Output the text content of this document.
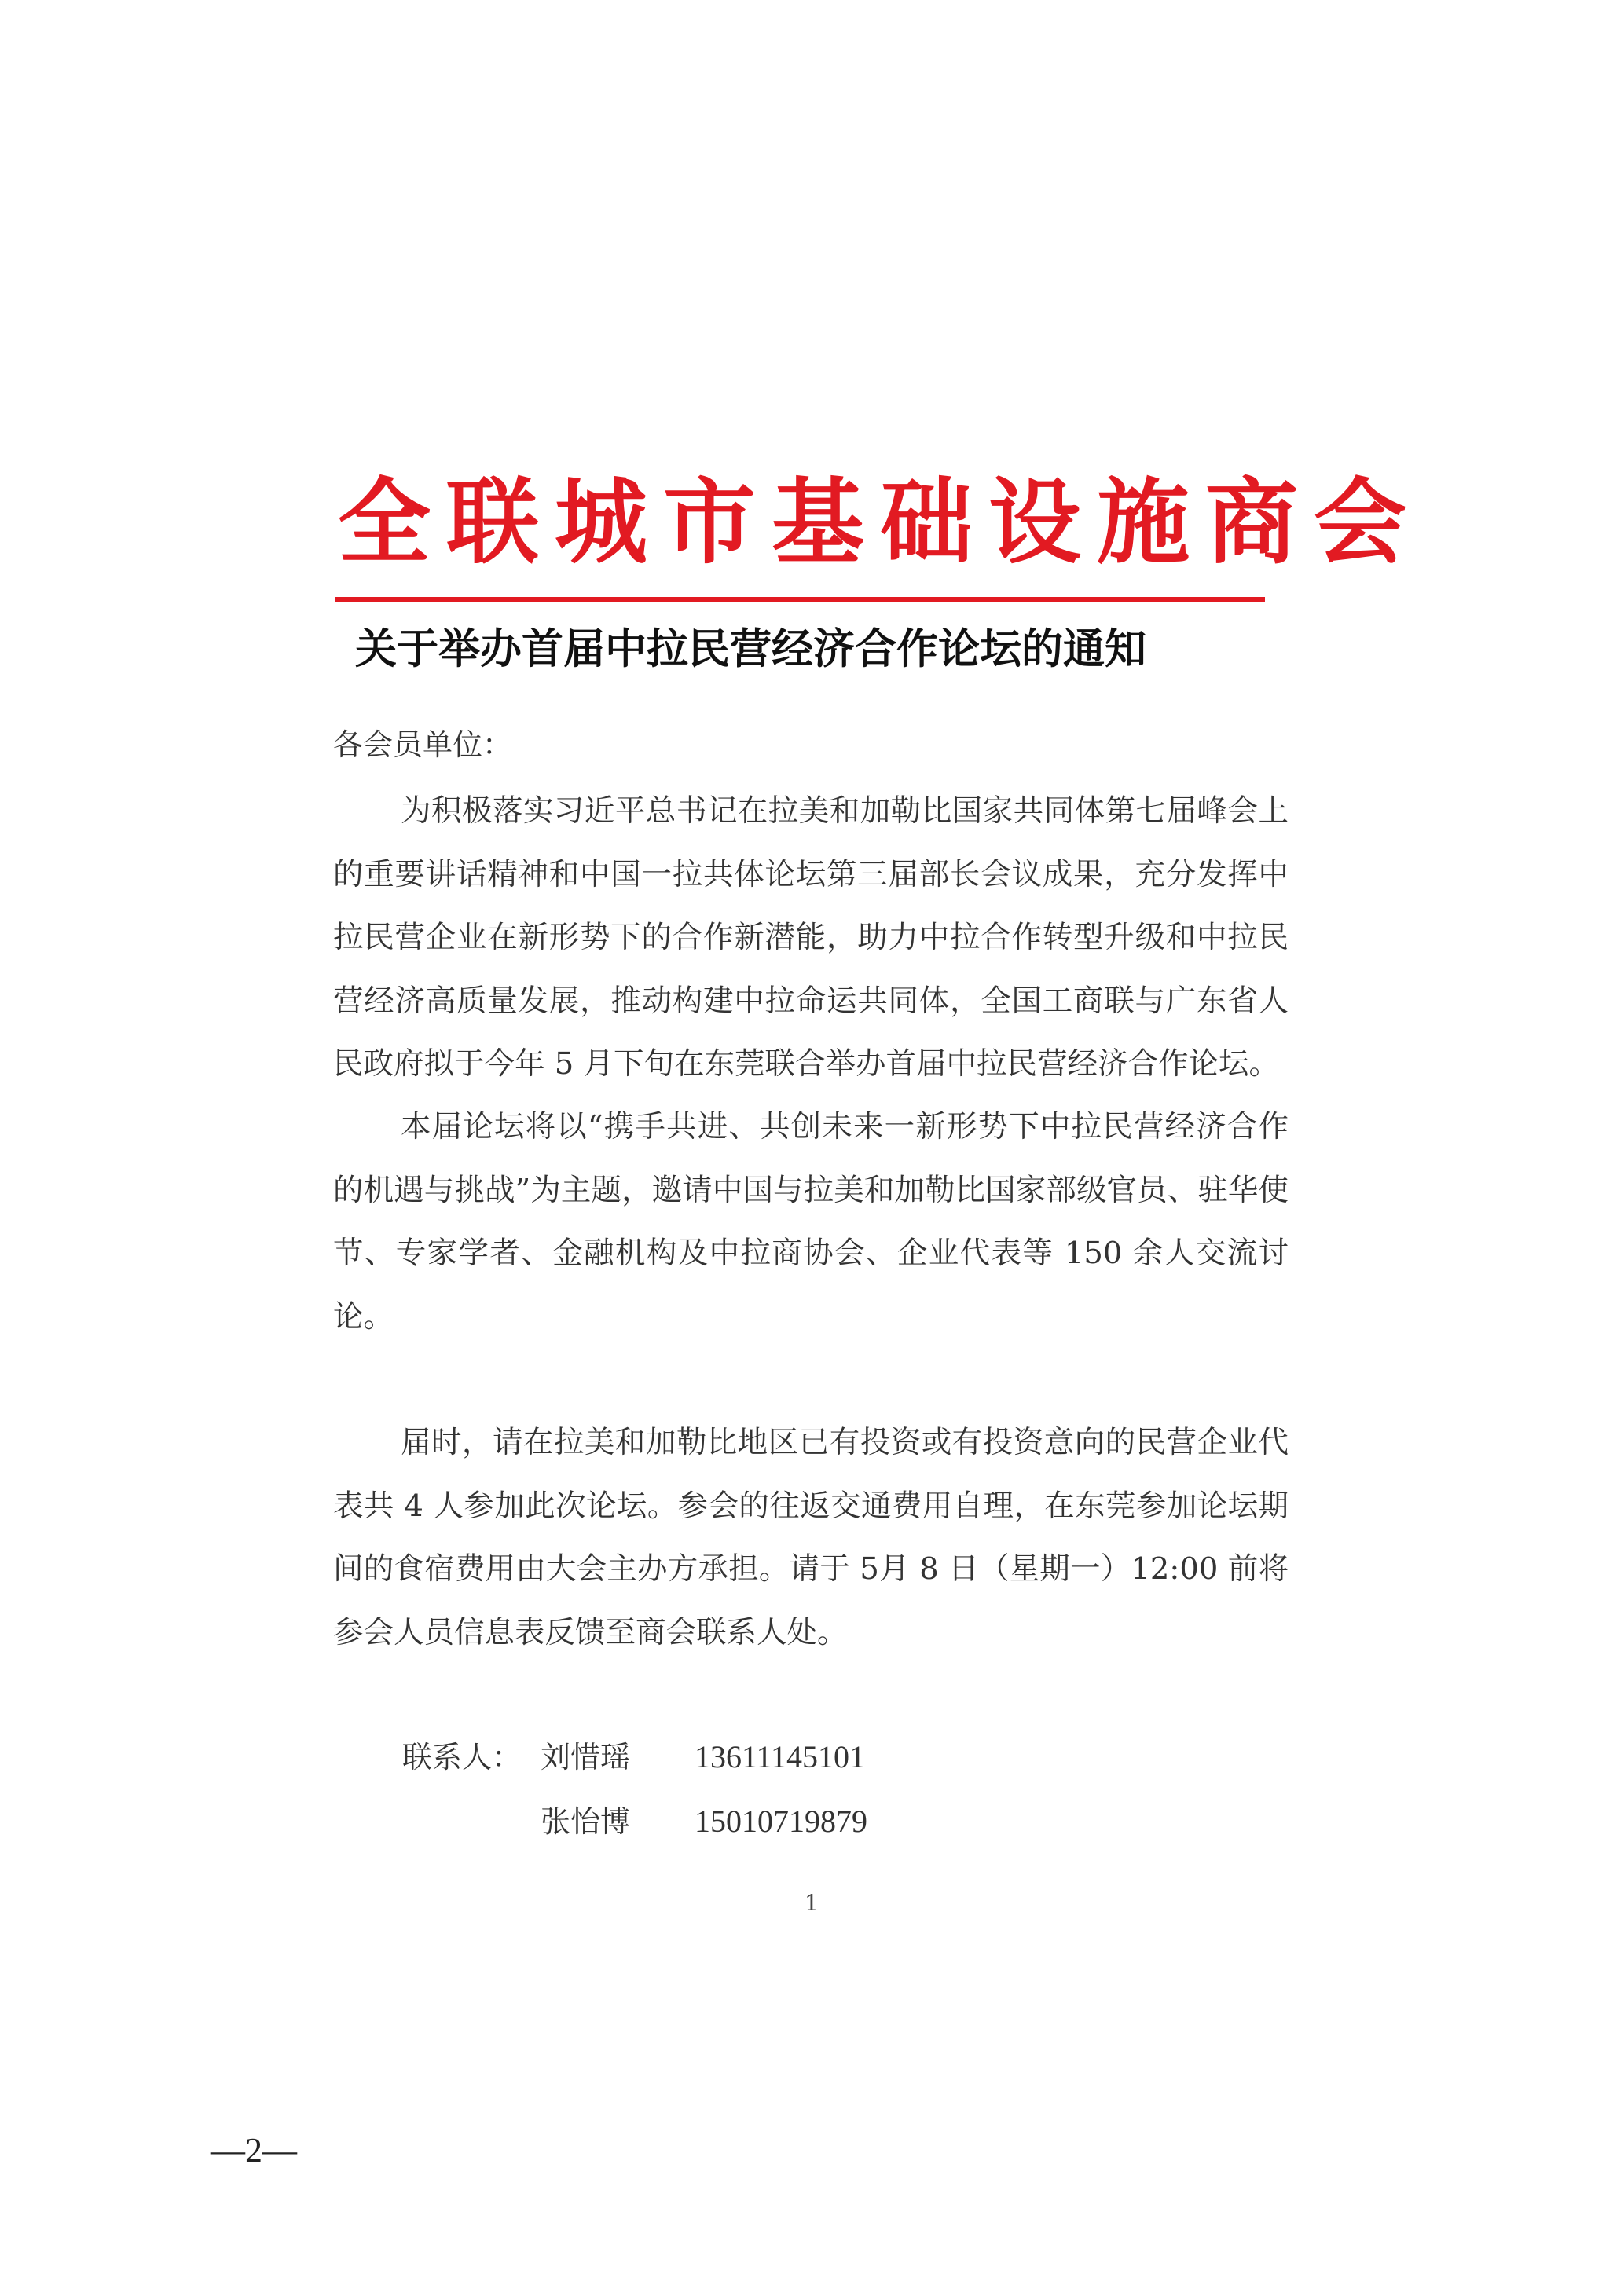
全联城市基础设施商会
关于举办首届中拉民营经济合作论坛的通知
各会员单位：
为积极落实习近平总书记在拉美和加勒比国家共同体第七届峰会上的重要讲话精神和中国一拉共体论坛第三届部长会议成果，充分发挥中拉民营企业在新形势下的合作新潜能，助力中拉合作转型升级和中拉民营经济高质量发展，推动构建中拉命运共同体，全国工商联与广东省人民政府拟于今年 5 月下旬在东莞联合举办首届中拉民营经济合作论坛。
本届论坛将以“携手共进、共创未来一新形势下中拉民营经济合作的机遇与挑战”为主题，邀请中国与拉美和加勒比国家部级官员、驻华使节、专家学者、金融机构及中拉商协会、企业代表等 150 余人交流讨论。
届时，请在拉美和加勒比地区已有投资或有投资意向的民营企业代表共 4 人参加此次论坛。参会的往返交通费用自理，在东莞参加论坛期间的食宿费用由大会主办方承担。请于 5月 8 日（星期一）12:00 前将参会人员信息表反馈至商会联系人处。
联系人： 刘惜瑶 13611145101
张怡博 15010719879
1
—2—
